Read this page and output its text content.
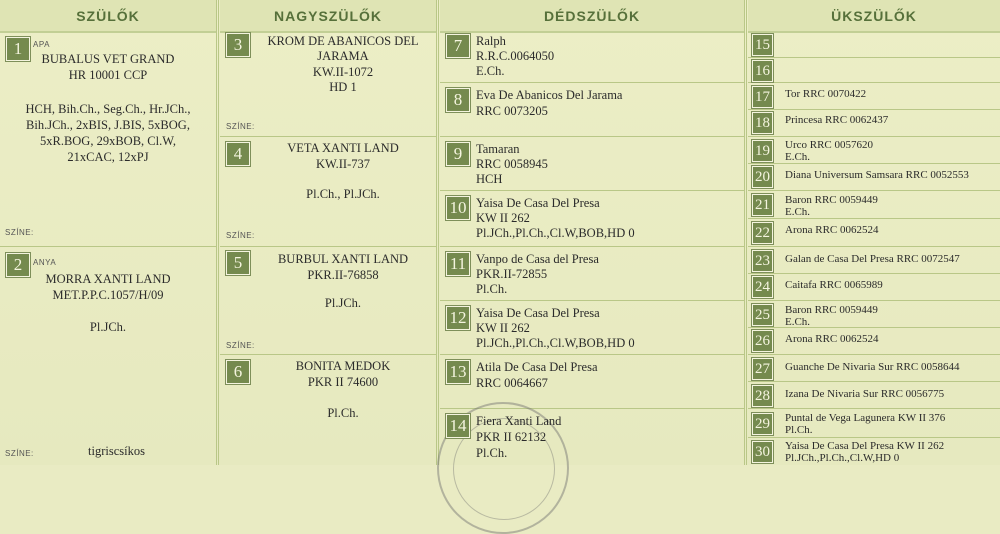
SZÜLŐK	NAGYSZÜLŐK	DÉDSZÜLŐK	ÜKSZÜLŐK
1	APA
BUBALUS VET GRAND
HR 10001 CCP
HCH, Bih.Ch., Seg.Ch., Hr.JCh.,
Bih.JCh., 2xBIS, J.BIS, 5xBOG,
5xR.BOG, 29xBOB, Cl.W,
21xCAC, 12xPJ
SZÍNE:
2	ANYA
MORRA XANTI LAND
MET.P.P.C.1057/H/09
Pl.JCh.
SZÍNE:	tigriscsíkos
3	KROM DE ABANICOS DEL
JARAMA
KW.II-1072
HD 1
SZÍNE:
4	VETA XANTI LAND
KW.II-737
Pl.Ch., Pl.JCh.
SZÍNE:
5	BURBUL XANTI LAND
PKR.II-76858
Pl.JCh.
SZÍNE:
6	BONITA MEDOK
PKR II 74600
Pl.Ch.
7	Ralph
R.R.C.0064050
E.Ch.
8	Eva De Abanicos Del Jarama
RRC 0073205
9	Tamaran
RRC 0058945
HCH
10 Yaisa De Casa Del Presa
KW II 262
Pl.JCh.,Pl.Ch.,Cl.W,BOB,HD 0
11 Vanpo de Casa del Presa
PKR.II-72855
Pl.Ch.
12 Yaisa De Casa Del Presa
KW II 262
Pl.JCh.,Pl.Ch.,Cl.W,BOB,HD 0
13 Atila De Casa Del Presa
RRC 0064667
14 Fiera Xanti Land
PKR II 62132
Pl.Ch.
15
16
17 Tor RRC 0070422
18 Princesa RRC 0062437
19 Urco RRC 0057620
E.Ch.
20 Diana Universum Samsara RRC 0052553
21 Baron RRC 0059449
E.Ch.
22 Arona RRC 0062524
23 Galan de Casa Del Presa RRC 0072547
24 Caitafa RRC 0065989
25 Baron RRC 0059449
E.Ch.
26 Arona RRC 0062524
27 Guanche De Nivaria Sur RRC 0058644
28 Izana De Nivaria Sur RRC 0056775
29 Puntal de Vega Lagunera KW II 376
Pl.Ch.
30 Yaisa De Casa Del Presa KW II 262
Pl.JCh.,Pl.Ch.,Cl.W,HD 0
